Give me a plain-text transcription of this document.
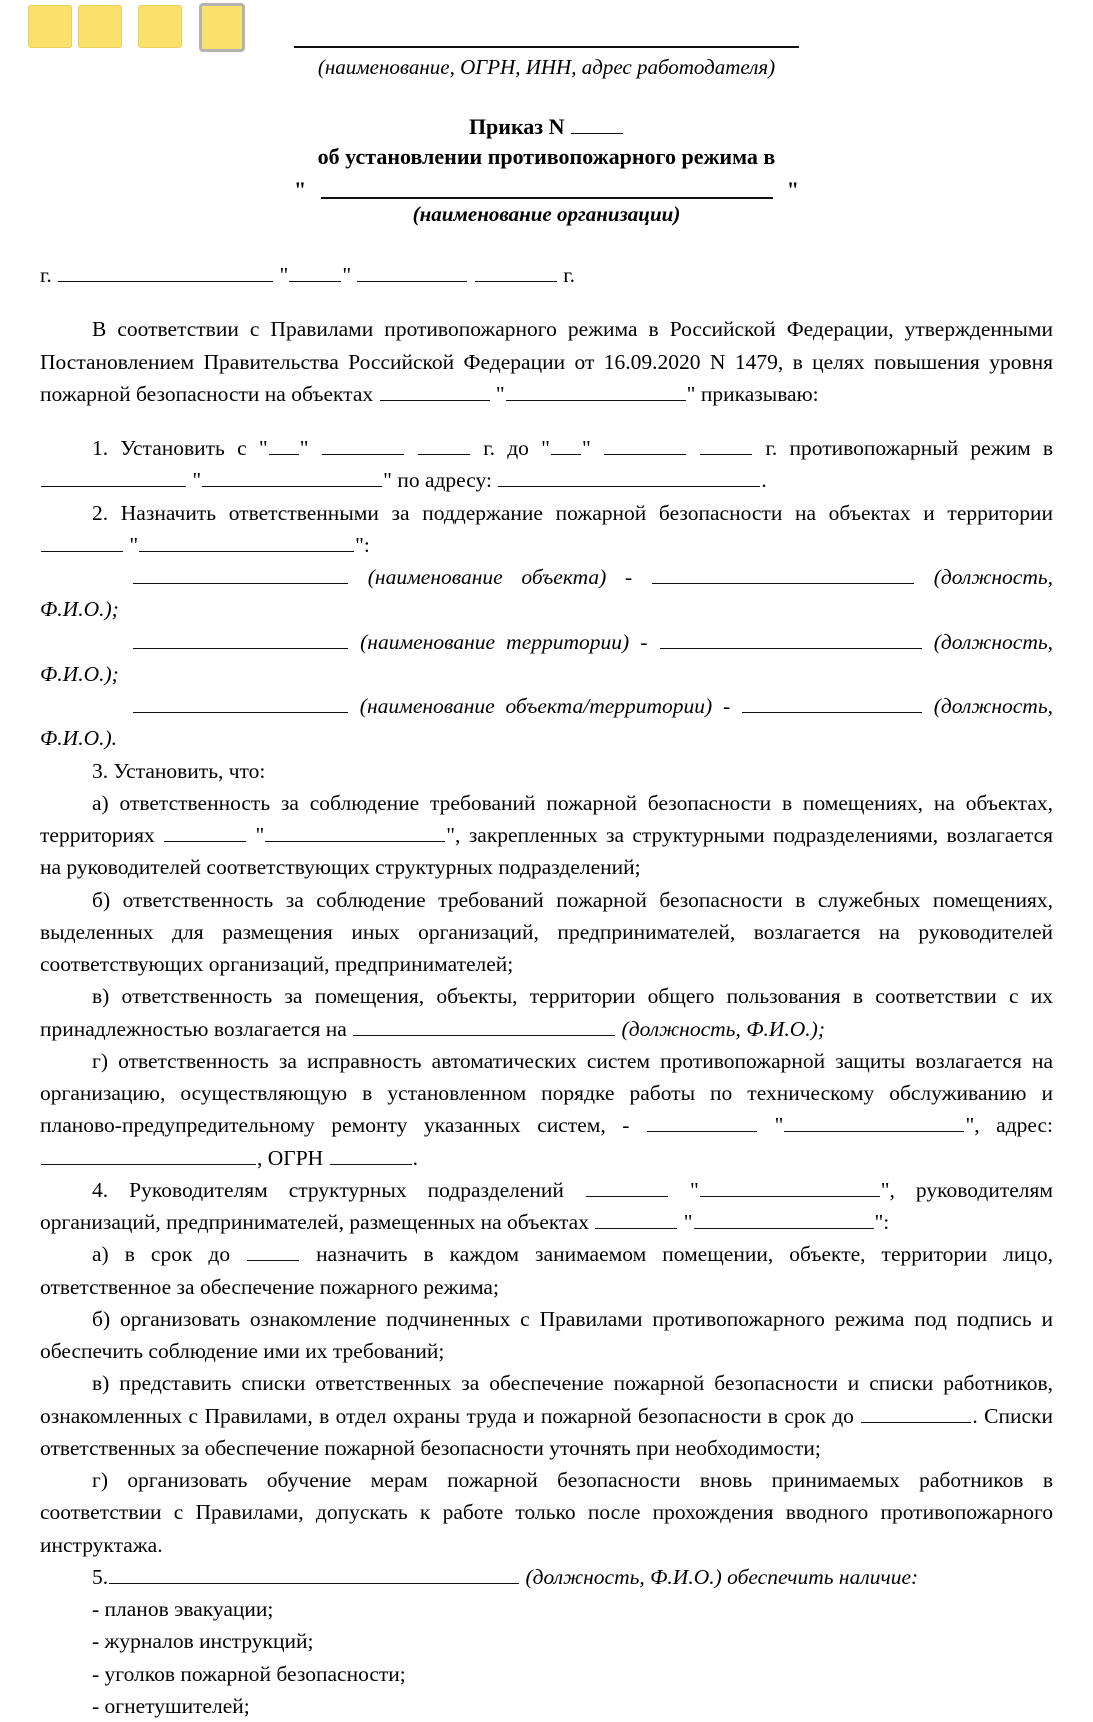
(наименование, ОГРН, ИНН, адрес работодателя)
Приказ N
об установлении противопожарного режима в
"	"
(наименование организации)
г.	"	"	г.

В соответствии с Правилами противопожарного режима в Российской Федерации, утвержденными Постановлением Правительства Российской Федерации от 16.09.2020 N 1479, в целях повышения уровня пожарной безопасности на объектах	"	" приказываю:

1. Установить с " "	г. до " "	г. противопожарный режим в  "	" по адресу:	.

2. Назначить ответственными за поддержание пожарной безопасности на объектах и территории  "	":

(наименование объекта) -	(должность, Ф.И.О.);

(наименование территории) -	(должность, Ф.И.О.);

(наименование объекта/территории) -	(должность, Ф.И.О.).

3. Установить, что:

а) ответственность за соблюдение требований пожарной безопасности в помещениях, на объектах, территориях	"	", закрепленных за структурными подразделениями, возлагается на руководителей соответствующих структурных подразделений;

б) ответственность за соблюдение требований пожарной безопасности в служебных помещениях, выделенных для размещения иных организаций, предпринимателей, возлагается на руководителей соответствующих организаций, предпринимателей;

в) ответственность за помещения, объекты, территории общего пользования в соответствии с их принадлежностью возлагается на	(должность, Ф.И.О.);

г) ответственность за исправность автоматических систем противопожарной защиты возлагается на организацию, осуществляющую в установленном порядке работы по техническому обслуживанию и планово-предупредительному ремонту указанных систем, -	"	", адрес: , ОГРН	.

4. Руководителям структурных подразделений	"	", руководителям организаций, предпринимателей, размещенных на объектах	"	":

а) в срок до	назначить в каждом занимаемом помещении, объекте, территории лицо, ответственное за обеспечение пожарного режима;

б) организовать ознакомление подчиненных с Правилами противопожарного режима под подпись и обеспечить соблюдение ими их требований;

в) представить списки ответственных за обеспечение пожарной безопасности и списки работников, ознакомленных с Правилами, в отдел охраны труда и пожарной безопасности в срок до	. Списки ответственных за обеспечение пожарной безопасности уточнять при необходимости;

г) организовать обучение мерам пожарной безопасности вновь принимаемых работников в соответствии с Правилами, допускать к работе только после прохождения вводного противопожарного инструктажа.

5.	(должность, Ф.И.О.) обеспечить наличие:

- планов эвакуации;

- журналов инструкций;

- уголков пожарной безопасности;

- огнетушителей;
